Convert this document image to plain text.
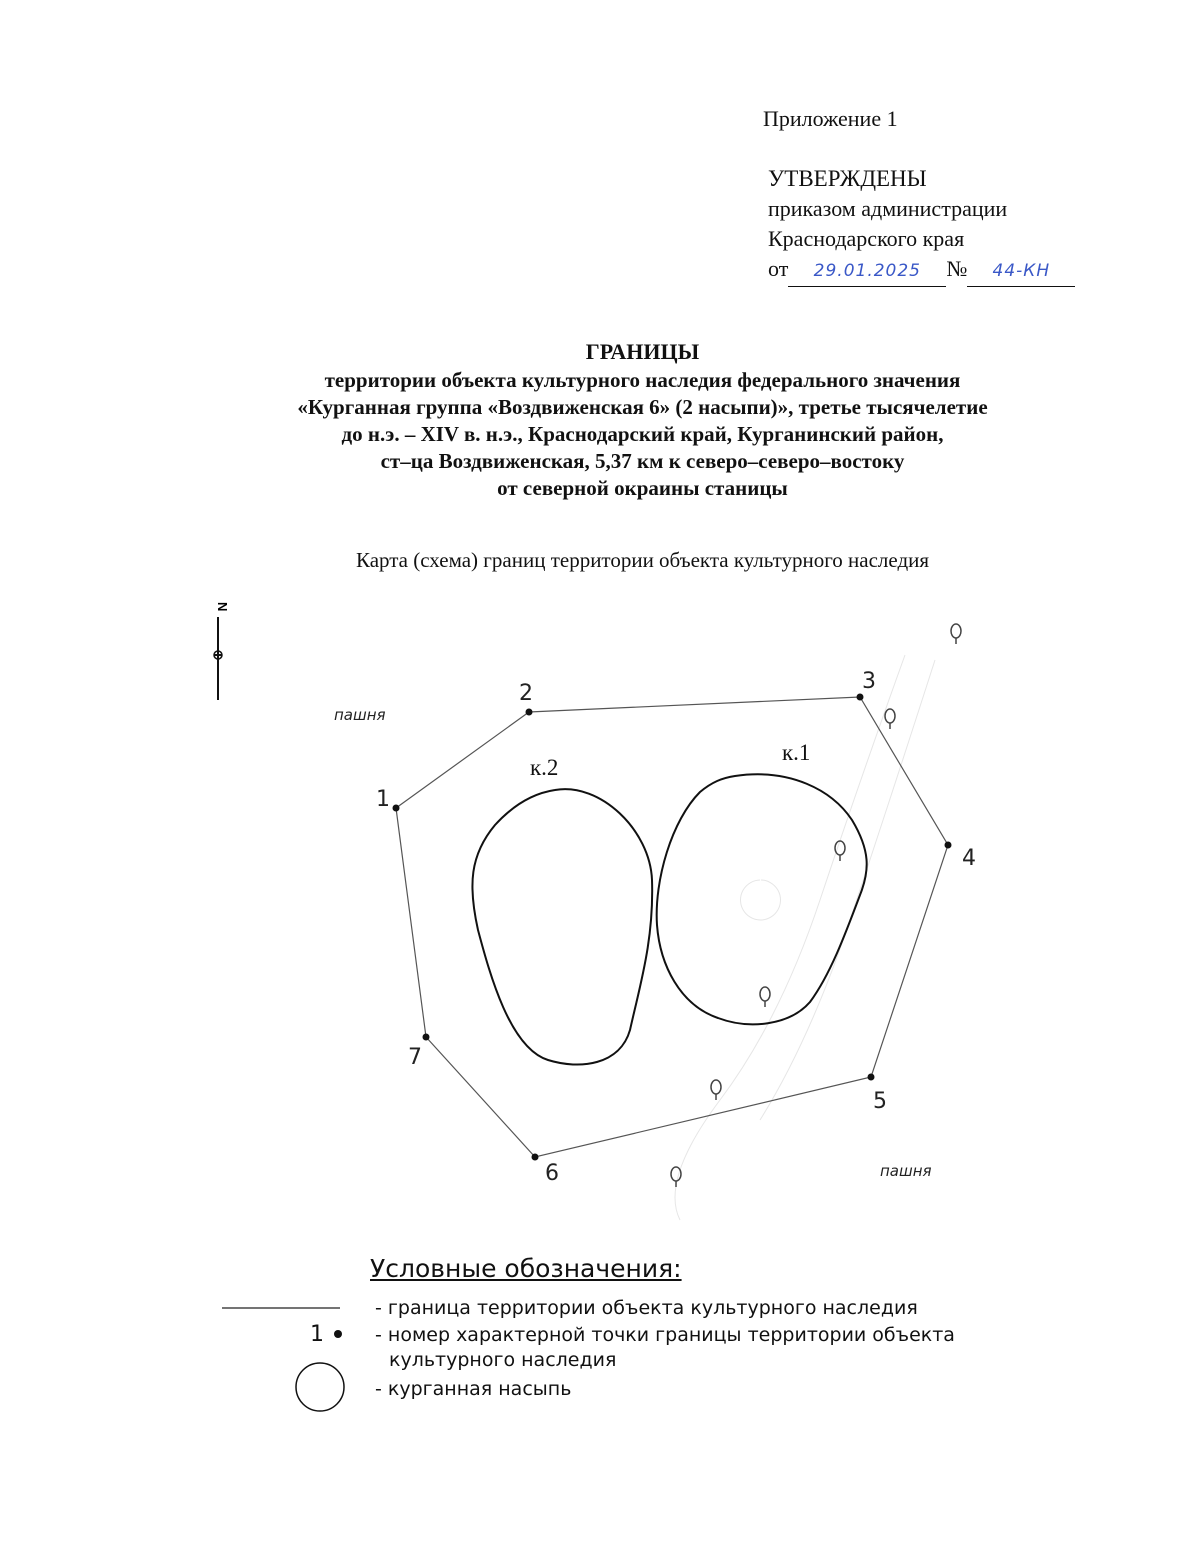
Приложение 1
УТВЕРЖДЕНЫ
приказом администрации
Краснодарского края
от 29.01.2025 № 44-КН
ГРАНИЦЫ
территории объекта культурного наследия федерального значения
«Курганная группа «Воздвиженская 6» (2 насыпи)», третье тысячелетие
до н.э. – XIV в. н.э., Краснодарский край, Курганинский район,
ст–ца Воздвиженская, 5,37 км к северо–северо–востоку
от северной окраины станицы
Карта (схема) границ территории объекта культурного наследия
N
1
2	3
4
5
6
7
к.2
к.1
пашня
пашня
Условные обозначения:
- граница территории объекта культурного наследия
1	- номер характерной точки границы территории объекта
культурного наследия
- курганная насыпь
